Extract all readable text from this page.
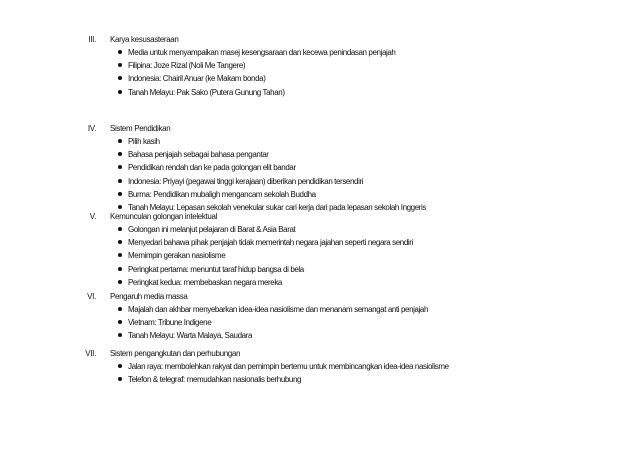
III. Karya kesusasteraan
Media untuk menyampaikan masej kesengsaraan dan kecewa penindasan penjajah
Filipina: Joze Rizal (Noli Me Tangere)
Indonesia: Chairil Anuar (ke Makam bonda)
Tanah Melayu: Pak Sako (Putera Gunung Tahan)
IV. Sistem Pendidikan
Pilih kasih
Bahasa penjajah sebagai bahasa pengantar
Pendidikan rendah dan ke pada golongan elit bandar
Indonesia: Priyayi (pegawai tinggi kerajaan) diberikan pendidikan tersendiri
Burma: Pendidikan mubaligh mengancam sekolah Buddha
Tanah Melayu: Lepasan sekolah venekular sukar cari kerja dari pada lepasan sekolah Inggeris
V. Kemunculan golongan intelektual
Golongan ini melanjut pelajaran di Barat & Asia Barat
Menyedari bahawa pihak penjajah tidak memerintah negara jajahan seperti negara sendiri
Memimpin gerakan nasiolisme
Peringkat pertama: menuntut taraf hidup bangsa di bela
Peringkat kedua: membebaskan negara mereka
VI. Pengaruh media massa
Majalah dan akhbar menyebarkan idea-idea nasiolisme dan menanam semangat anti penjajah
Vietnam: Tribune Indigene
Tanah Melayu: Warta Malaya, Saudara
VII. Sistem pengangkutan dan perhubungan
Jalan raya: membolehkan rakyat dan pemimpin bertemu untuk membincangkan idea-idea nasiolisme
Telefon & telegraf: memudahkan nasionalis berhubung
